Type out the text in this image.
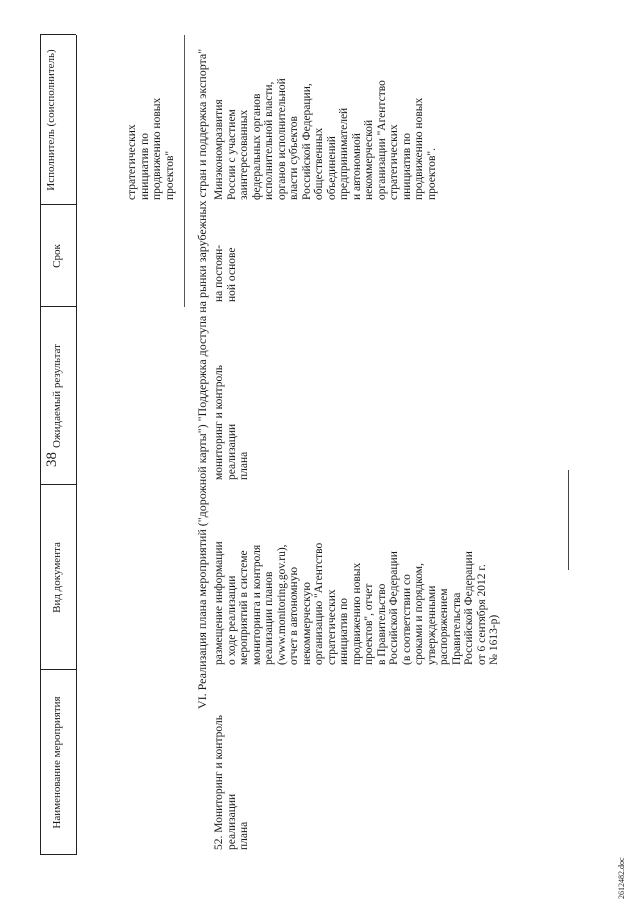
38
Наименование мероприятия
Вид документа
Ожидаемый результат
Срок
Исполнитель (соисполнитель)	стратегических инициатив по продвижению новых проектов" VI. Реализация плана мероприятий ("дорожной карты") "Поддержка доступа на рынки зарубежных стран и поддержка экспорта"
52. Мониторинг и контроль реализации плана
размещение информации о ходе реализации мероприятий в системе мониторинга и контроля реализации планов (www.monitoring.gov.ru), отчет в автономную некоммерческую организацию "Агентство стратегических инициатив по продвижению новых проектов", отчет в Правительство Российской Федерации (в соответствии со сроками и порядком, утвержденными распоряжением Правительства Российской Федерации от 6 сентября 2012 г. № 1613-р)
мониторинг и контроль реализации плана
на постоян- ной основе
Минэкономразвития России с участием заинтересованных федеральных органов исполнительной власти, органов исполнительной власти субъектов Российской Федерации, общественных объединений предпринимателей и автономной некоммерческой организации "Агентство стратегических инициатив по продвижению новых проектов".
2612482.doc
